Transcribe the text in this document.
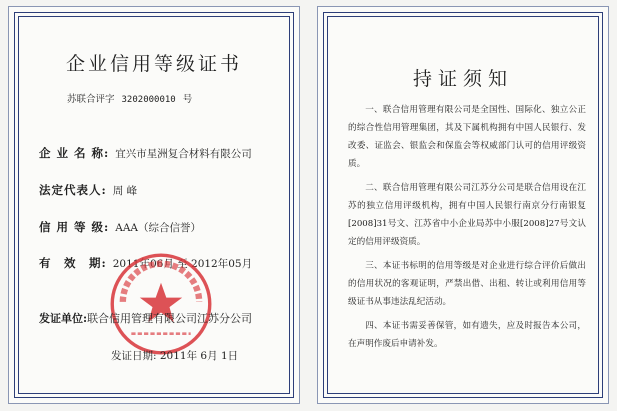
企业信用等级证书
苏联合评字 3202000010 号
企 业 名 称: 宜兴市星洲复合材料有限公司
法定代表人: 周 峰
信 用 等 级: AAA（综合信誉）
有　效　期: 2011年06月 至 2012年05月
发证单位:联合信用管理有限公司江苏分公司
发证日期: 2011年 6月 1日
持证须知

一、联合信用管理有限公司是全国性、国际化、独立公正的综合性信用管理集团，其及下属机构拥有中国人民银行、发改委、证监会、银监会和保监会等权威部门认可的信用评级资质。

二、联合信用管理有限公司江苏分公司是联合信用设在江苏的独立信用评级机构，拥有中国人民银行南京分行南银复[2008]31号文、江苏省中小企业局苏中小服[2008]27号文认定的信用评级资质。

三、本证书标明的信用等级是对企业进行综合评价后做出的信用状况的客观证明，严禁出借、出租、转让或利用信用等级证书从事违法乱纪活动。

四、本证书需妥善保管，如有遗失，应及时报告本公司，在声明作废后申请补发。
